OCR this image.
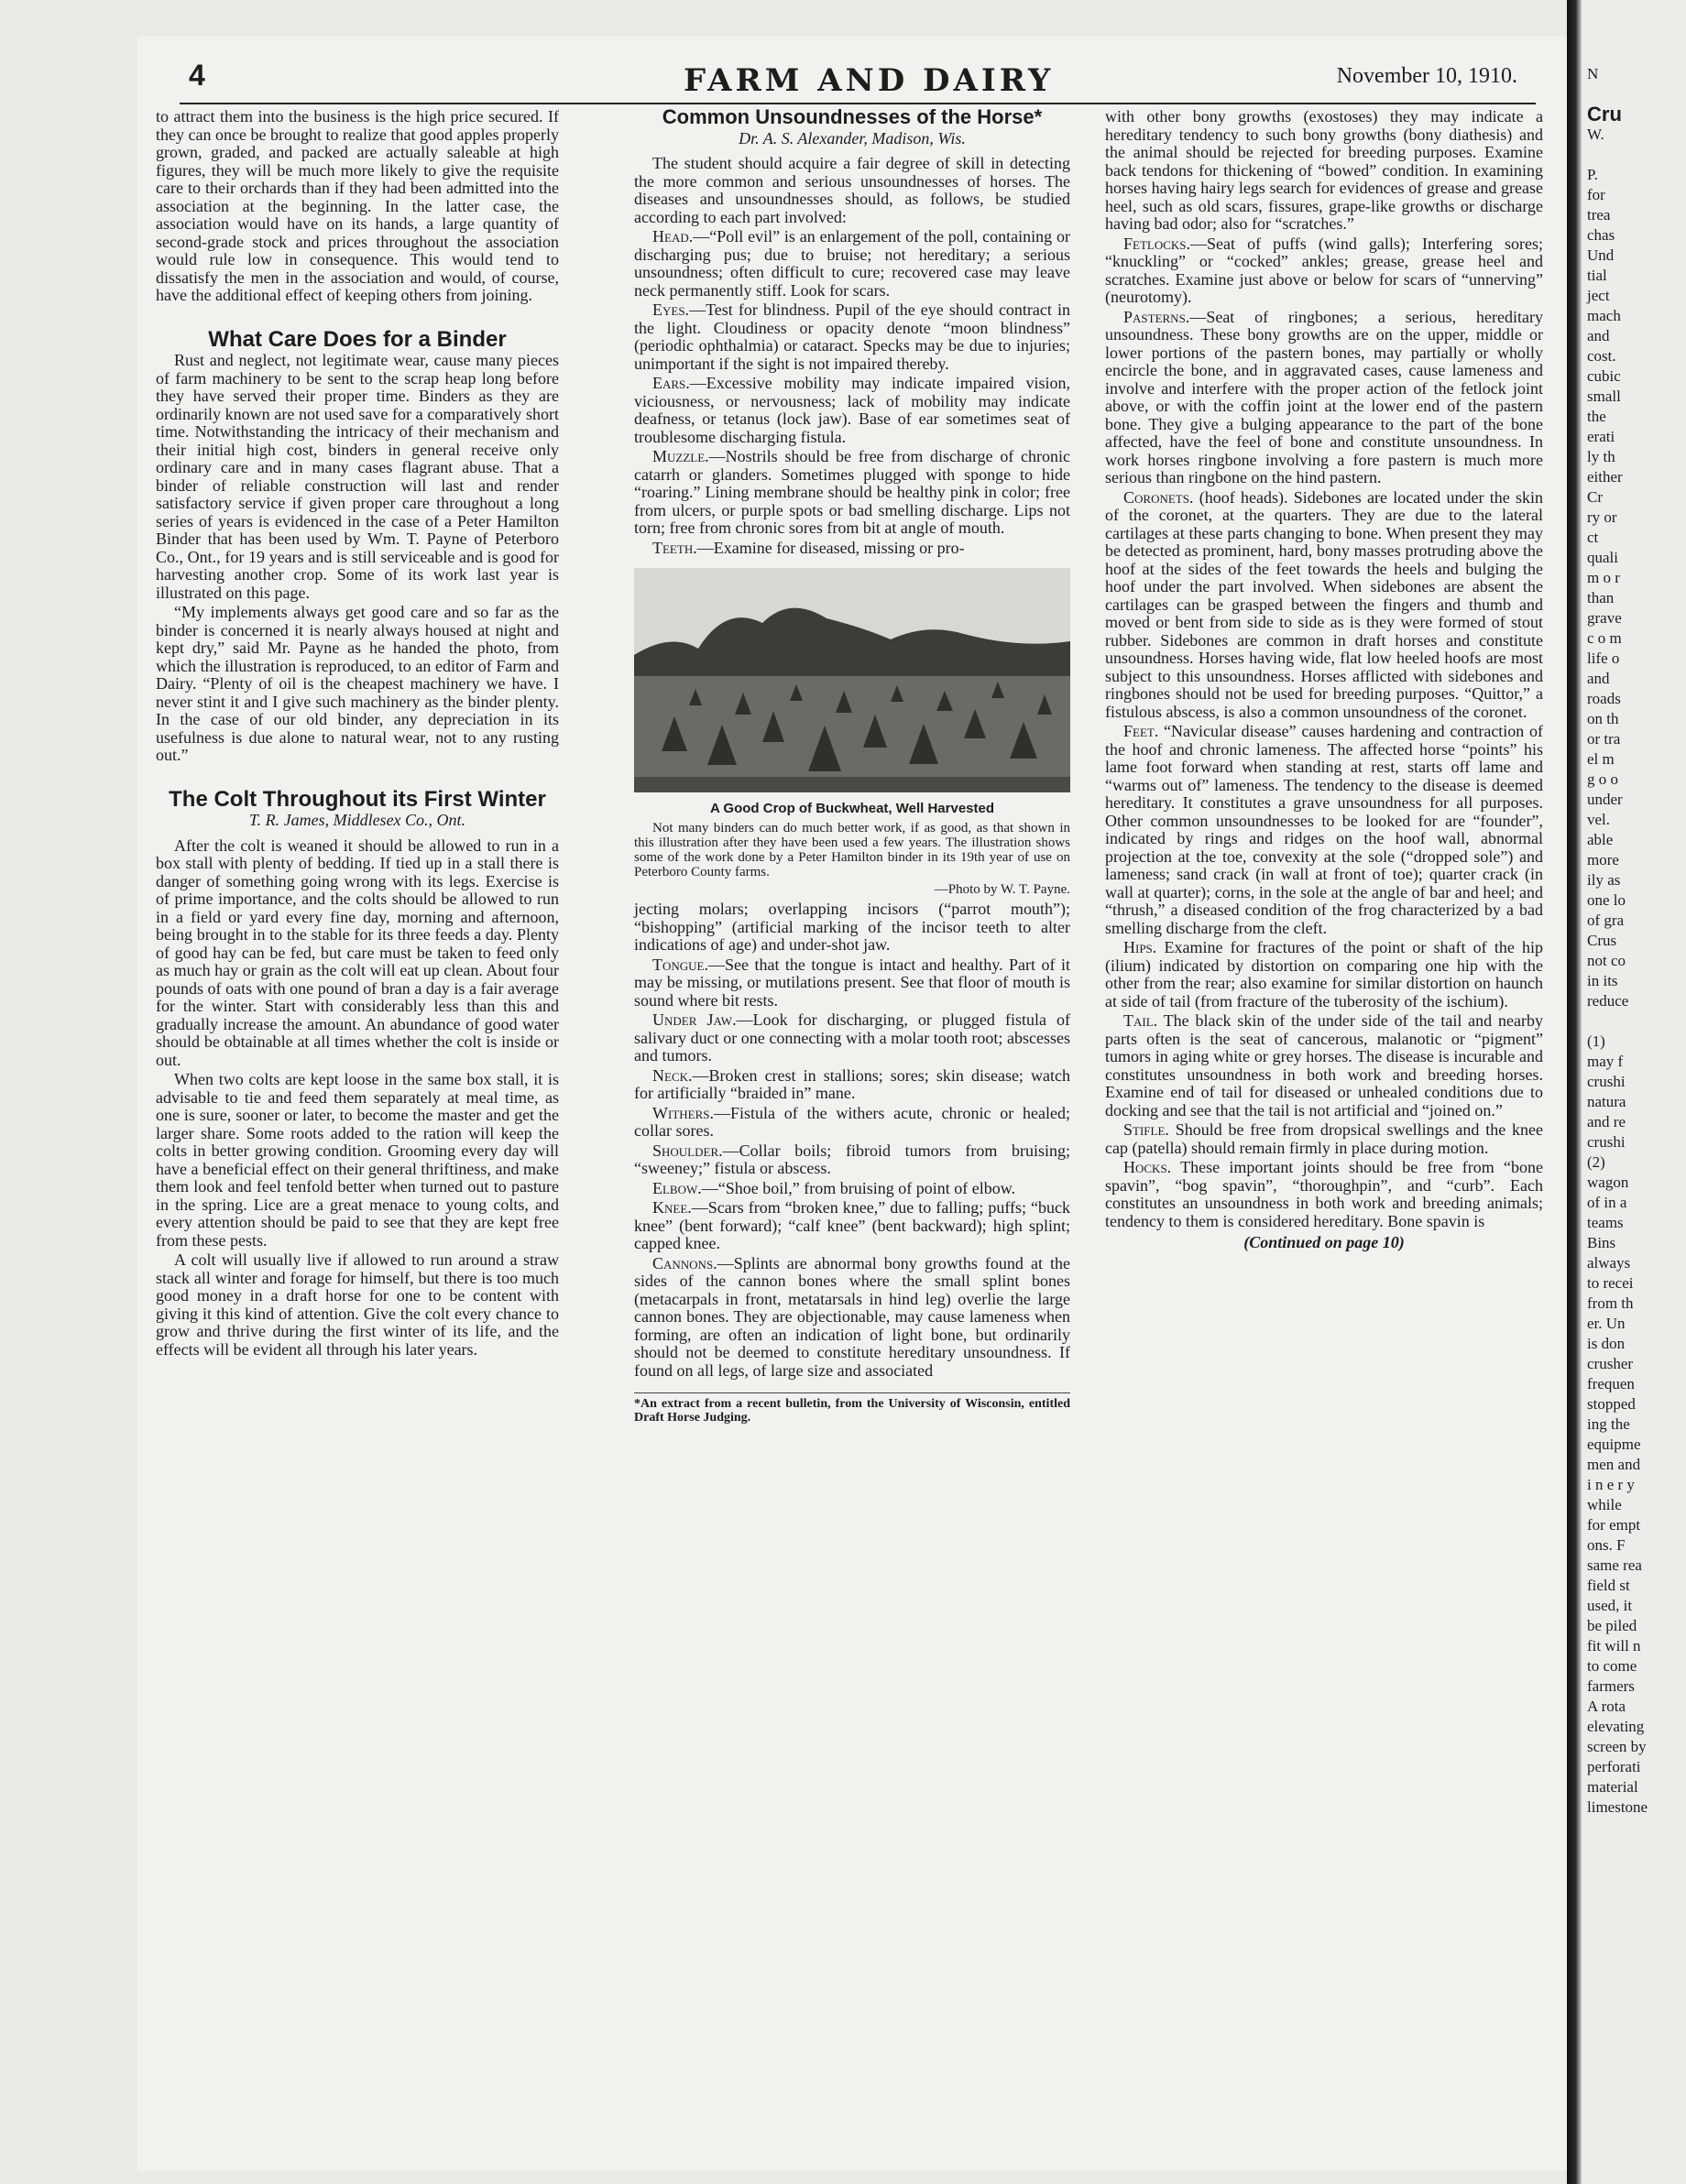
4	FARM AND DAIRY	November 10, 1910.

to attract them into the business is the high price secured. If they can once be brought to realize that good apples properly grown, graded, and packed are actually saleable at high figures, they will be much more likely to give the requisite care to their orchards than if they had been admitted into the association at the beginning. In the latter case, the association would have on its hands, a large quantity of second-grade stock and prices throughout the association would rule low in consequence. This would tend to dissatisfy the men in the association and would, of course, have the additional effect of keeping others from joining.

What Care Does for a Binder

Rust and neglect, not legitimate wear, cause many pieces of farm machinery to be sent to the scrap heap long before they have served their proper time. Binders as they are ordinarily known are not used save for a comparatively short time. Notwithstanding the intricacy of their mechanism and their initial high cost, binders in general receive only ordinary care and in many cases flagrant abuse. That a binder of reliable construction will last and render satisfactory service if given proper care throughout a long series of years is evidenced in the case of a Peter Hamilton Binder that has been used by Wm. T. Payne of Peterboro Co., Ont., for 19 years and is still serviceable and is good for harvesting another crop. Some of its work last year is illustrated on this page.

“My implements always get good care and so far as the binder is concerned it is nearly always housed at night and kept dry,” said Mr. Payne as he handed the photo, from which the illustration is reproduced, to an editor of Farm and Dairy. “Plenty of oil is the cheapest machinery we have. I never stint it and I give such machinery as the binder plenty. In the case of our old binder, any depreciation in its usefulness is due alone to natural wear, not to any rusting out.”

The Colt Throughout its First Winter
T. R. James, Middlesex Co., Ont.

After the colt is weaned it should be allowed to run in a box stall with plenty of bedding. If tied up in a stall there is danger of something going wrong with its legs. Exercise is of prime importance, and the colts should be allowed to run in a field or yard every fine day, morning and afternoon, being brought in to the stable for its three feeds a day. Plenty of good hay can be fed, but care must be taken to feed only as much hay or grain as the colt will eat up clean. About four pounds of oats with one pound of bran a day is a fair average for the winter. Start with considerably less than this and gradually increase the amount. An abundance of good water should be obtainable at all times whether the colt is inside or out.

When two colts are kept loose in the same box stall, it is advisable to tie and feed them separately at meal time, as one is sure, sooner or later, to become the master and get the larger share. Some roots added to the ration will keep the colts in better growing condition. Grooming every day will have a beneficial effect on their general thriftiness, and make them look and feel tenfold better when turned out to pasture in the spring. Lice are a great menace to young colts, and every attention should be paid to see that they are kept free from these pests.

A colt will usually live if allowed to run around a straw stack all winter and forage for himself, but there is too much good money in a draft horse for one to be content with giving it this kind of attention. Give the colt every chance to grow and thrive during the first winter of its life, and the effects will be evident all through his later years.

Common Unsoundnesses of the Horse*
Dr. A. S. Alexander, Madison, Wis.

The student should acquire a fair degree of skill in detecting the more common and serious unsoundnesses of horses. The diseases and unsoundnesses should, as follows, be studied according to each part involved:

Head.—“Poll evil” is an enlargement of the poll, containing or discharging pus; due to bruise; not hereditary; a serious unsoundness; often difficult to cure; recovered case may leave neck permanently stiff. Look for scars.

Eyes.—Test for blindness. Pupil of the eye should contract in the light. Cloudiness or opacity denote “moon blindness” (periodic ophthalmia) or cataract. Specks may be due to injuries; unimportant if the sight is not impaired thereby.

Ears.—Excessive mobility may indicate impaired vision, viciousness, or nervousness; lack of mobility may indicate deafness, or tetanus (lock jaw). Base of ear sometimes seat of troublesome discharging fistula.

Muzzle.—Nostrils should be free from discharge of chronic catarrh or glanders. Sometimes plugged with sponge to hide “roaring.” Lining membrane should be healthy pink in color; free from ulcers, or purple spots or bad smelling discharge. Lips not torn; free from chronic sores from bit at angle of mouth.

Teeth.—Examine for diseased, missing or pro-

A Good Crop of Buckwheat, Well Harvested

Not many binders can do much better work, if as good, as that shown in this illustration after they have been used a few years. The illustration shows some of the work done by a Peter Hamilton binder in its 19th year of use on Peterboro County farms.

—Photo by W. T. Payne.

jecting molars; overlapping incisors (“parrot mouth”); “bishopping” (artificial marking of the incisor teeth to alter indications of age) and under-shot jaw.

Tongue.—See that the tongue is intact and healthy. Part of it may be missing, or mutilations present. See that floor of mouth is sound where bit rests.

Under Jaw.—Look for discharging, or plugged fistula of salivary duct or one connecting with a molar tooth root; abscesses and tumors.

Neck.—Broken crest in stallions; sores; skin disease; watch for artificially “braided in” mane.

Withers.—Fistula of the withers acute, chronic or healed; collar sores.

Shoulder.—Collar boils; fibroid tumors from bruising; “sweeney;” fistula or abscess.

Elbow.—“Shoe boil,” from bruising of point of elbow.

Knee.—Scars from “broken knee,” due to falling; puffs; “buck knee” (bent forward); “calf knee” (bent backward); high splint; capped knee.

Cannons.—Splints are abnormal bony growths found at the sides of the cannon bones where the small splint bones (metacarpals in front, metatarsals in hind leg) overlie the large cannon bones. They are objectionable, may cause lameness when forming, are often an indication of light bone, but ordinarily should not be deemed to constitute hereditary unsoundness. If found on all legs, of large size and associated

*An extract from a recent bulletin, from the University of Wisconsin, entitled Draft Horse Judging.

with other bony growths (exostoses) they may indicate a hereditary tendency to such bony growths (bony diathesis) and the animal should be rejected for breeding purposes. Examine back tendons for thickening of “bowed” condition. In examining horses having hairy legs search for evidences of grease and grease heel, such as old scars, fissures, grape-like growths or discharge having bad odor; also for “scratches.”

Fetlocks.—Seat of puffs (wind galls); Interfering sores; “knuckling” or “cocked” ankles; grease, grease heel and scratches. Examine just above or below for scars of “unnerving” (neurotomy).

Pasterns.—Seat of ringbones; a serious, hereditary unsoundness. These bony growths are on the upper, middle or lower portions of the pastern bones, may partially or wholly encircle the bone, and in aggravated cases, cause lameness and involve and interfere with the proper action of the fetlock joint above, or with the coffin joint at the lower end of the pastern bone. They give a bulging appearance to the part of the bone affected, have the feel of bone and constitute unsoundness. In work horses ringbone involving a fore pastern is much more serious than ringbone on the hind pastern.

Coronets. (hoof heads). Sidebones are located under the skin of the coronet, at the quarters. They are due to the lateral cartilages at these parts changing to bone. When present they may be detected as prominent, hard, bony masses protruding above the hoof at the sides of the feet towards the heels and bulging the hoof under the part involved. When sidebones are absent the cartilages can be grasped between the fingers and thumb and moved or bent from side to side as is they were formed of stout rubber. Sidebones are common in draft horses and constitute unsoundness. Horses having wide, flat low heeled hoofs are most subject to this unsoundness. Horses afflicted with sidebones and ringbones should not be used for breeding purposes. “Quittor,” a fistulous abscess, is also a common unsoundness of the coronet.

Feet. “Navicular disease” causes hardening and contraction of the hoof and chronic lameness. The affected horse “points” his lame foot forward when standing at rest, starts off lame and “warms out of” lameness. The tendency to the disease is deemed hereditary. It constitutes a grave unsoundness for all purposes. Other common unsoundnesses to be looked for are “founder”, indicated by rings and ridges on the hoof wall, abnormal projection at the toe, convexity at the sole (“dropped sole”) and lameness; sand crack (in wall at front of toe); quarter crack (in wall at quarter); corns, in the sole at the angle of bar and heel; and “thrush,” a diseased condition of the frog characterized by a bad smelling discharge from the cleft.

Hips. Examine for fractures of the point or shaft of the hip (ilium) indicated by distortion on comparing one hip with the other from the rear; also examine for similar distortion on haunch at side of tail (from fracture of the tuberosity of the ischium).

Tail. The black skin of the under side of the tail and nearby parts often is the seat of cancerous, malanotic or “pigment” tumors in aging white or grey horses. The disease is incurable and constitutes unsoundness in both work and breeding horses. Examine end of tail for diseased or unhealed conditions due to docking and see that the tail is not artificial and “joined on.”

Stifle. Should be free from dropsical swellings and the knee cap (patella) should remain firmly in place during motion.

Hocks. These important joints should be free from “bone spavin”, “bog spavin”, “thoroughpin”, and “curb”. Each constitutes an unsoundness in both work and breeding animals; tendency to them is considered hereditary. Bone spavin is

(Continued on page 10)
N
Cru
W.
P.
for
trea
chas
Und
tial
ject
mach
and
cost.
cubic
small
the
erati
ly th
either
Cr
ry or
ct
quali
m o r
than
grave
c o m
life o
and
roads
on th
or tra
el m
g o o
under
vel.
able
more
ily as
one lo
of gra
Crus
not co
in its
reduce
(1)
may f
crushi
natura
and re
crushi
(2)
wagon
of in a
teams
Bins
always
to recei
from th
er. Un
is don
crusher
frequen
stopped
ing the
equipme
men and
i n e r y
while
for empt
ons. F
same rea
field st
used, it
be piled
fit will n
to come
farmers
A rota
elevating
screen by
perforati
material
limestone
